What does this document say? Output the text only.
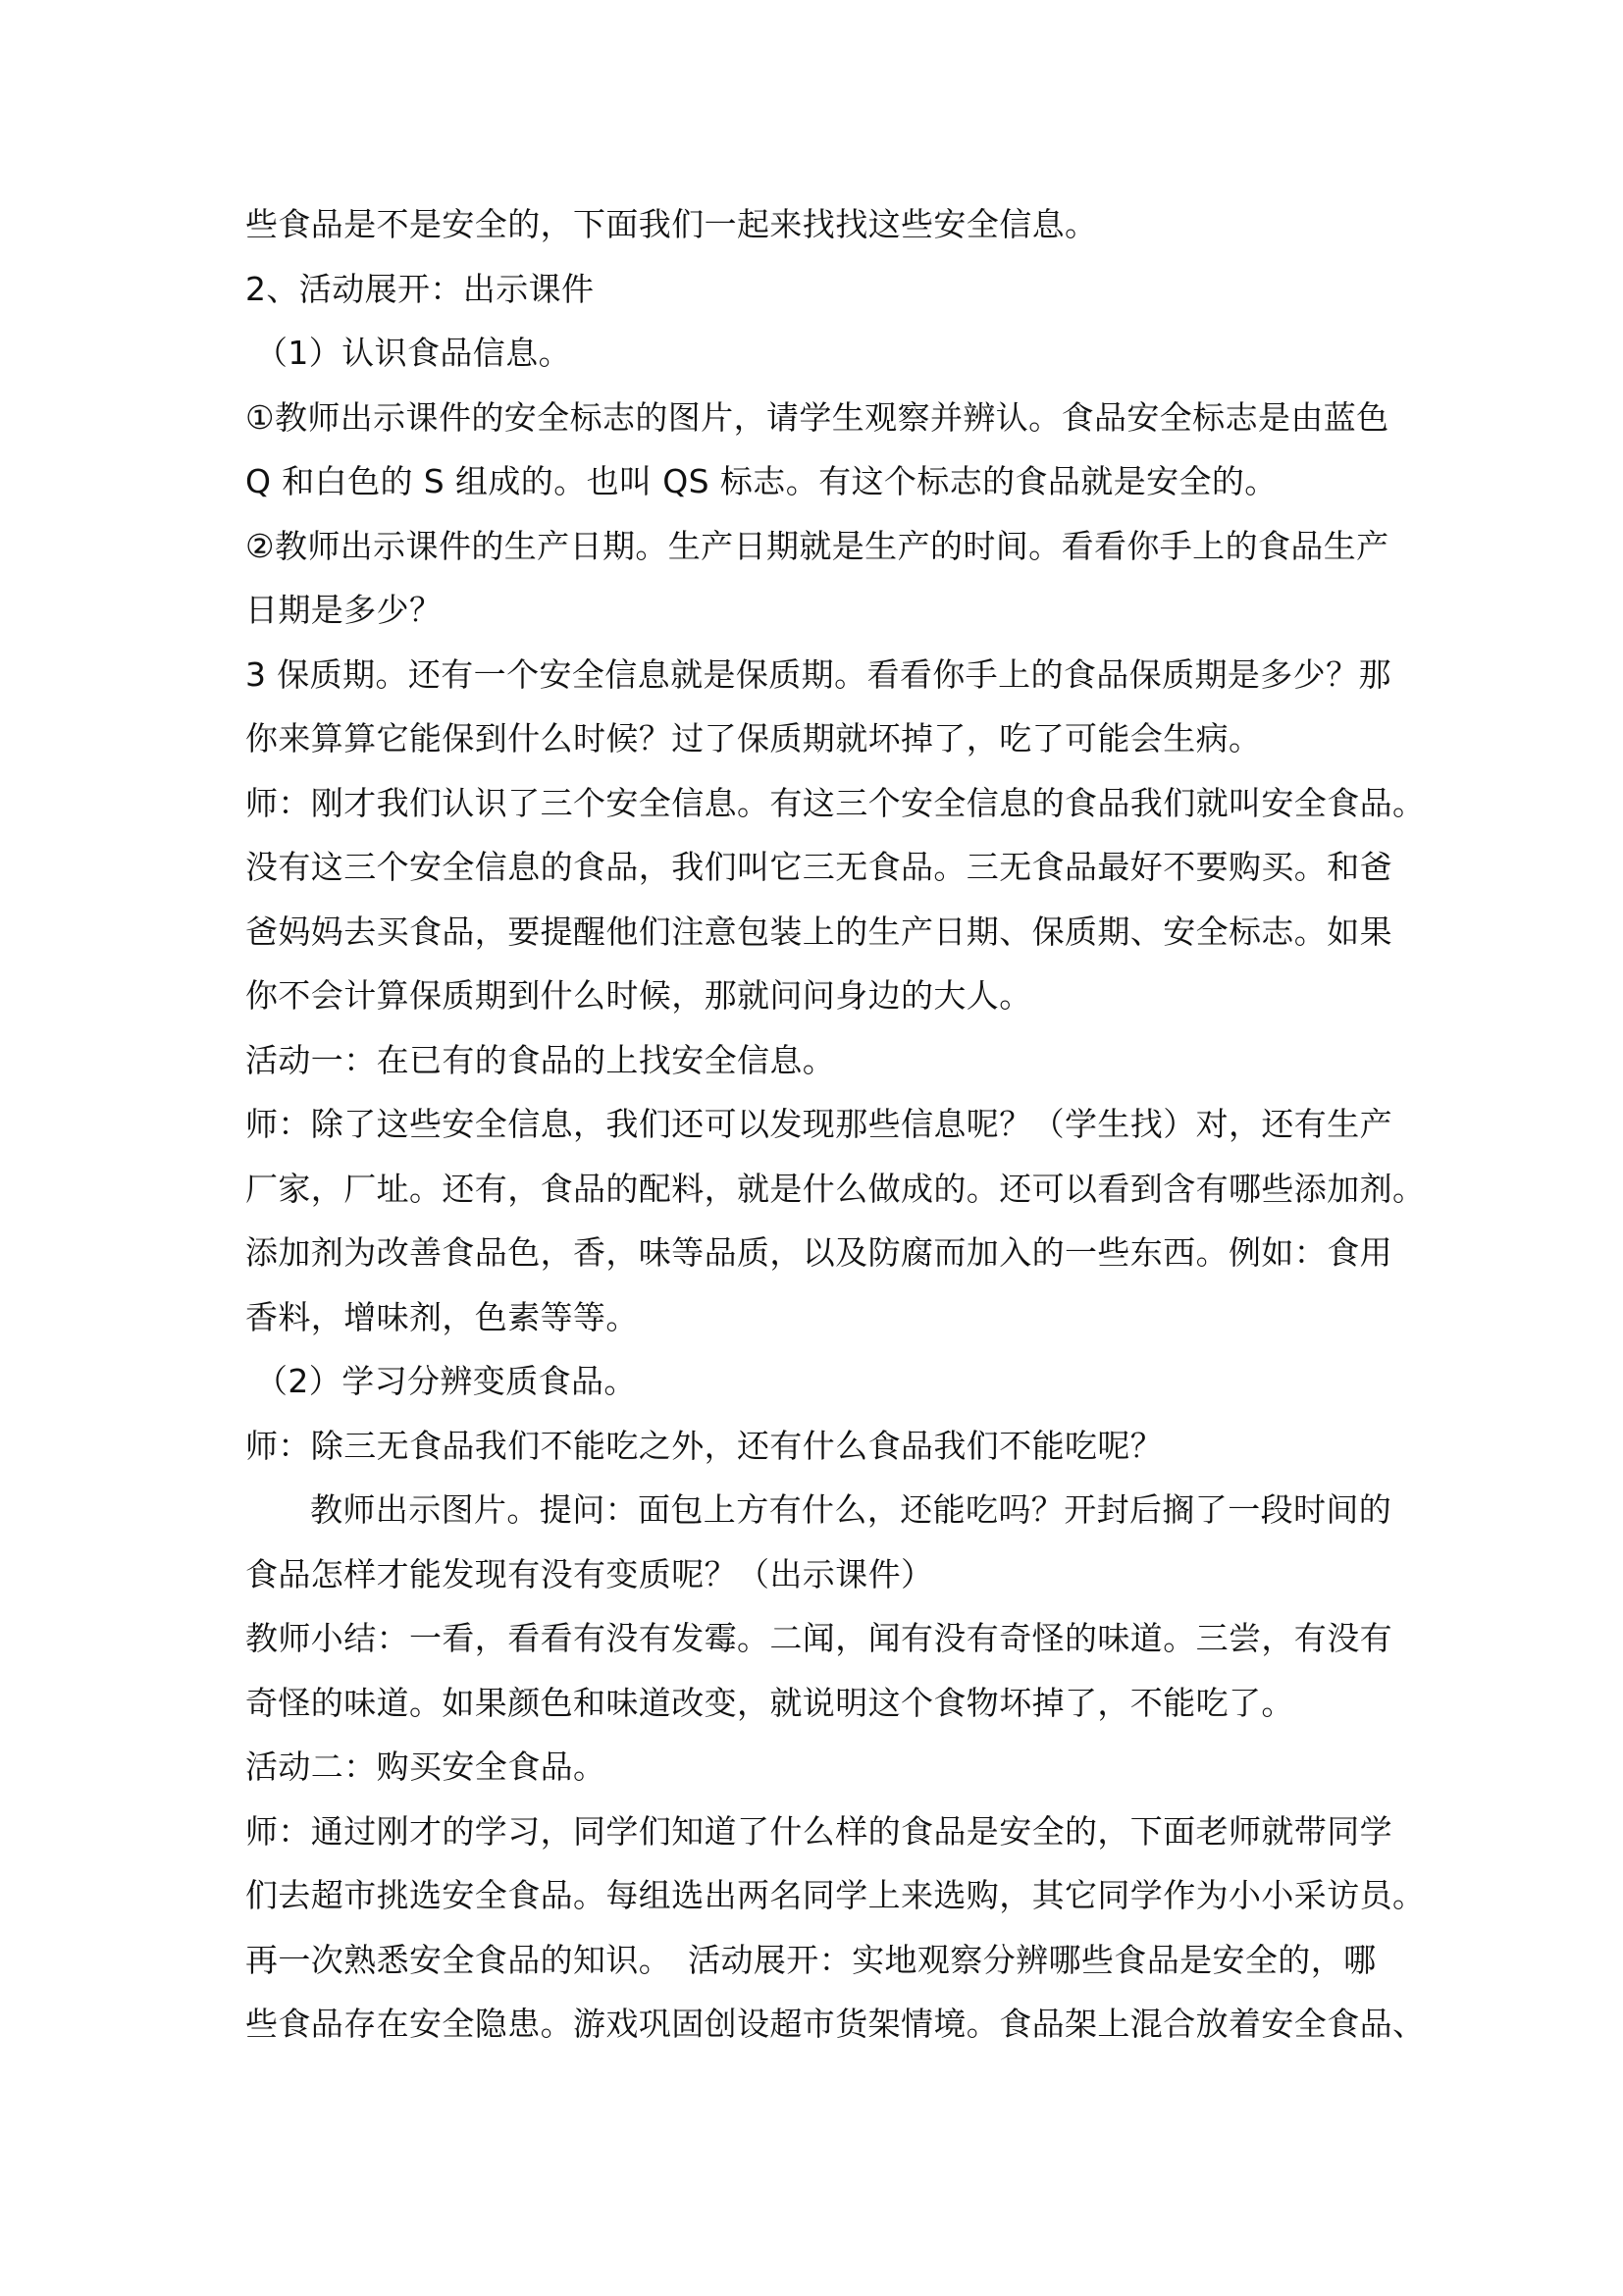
些食品是不是安全的，下面我们一起来找找这些安全信息。
2、活动展开：出示课件
（1）认识食品信息。
①教师出示课件的安全标志的图片，请学生观察并辨认。食品安全标志是由蓝色
Q 和白色的 S 组成的。也叫 QS 标志。有这个标志的食品就是安全的。
②教师出示课件的生产日期。生产日期就是生产的时间。看看你手上的食品生产
日期是多少？
3 保质期。还有一个安全信息就是保质期。看看你手上的食品保质期是多少？那
你来算算它能保到什么时候？过了保质期就坏掉了，吃了可能会生病。
师：刚才我们认识了三个安全信息。有这三个安全信息的食品我们就叫安全食品。
没有这三个安全信息的食品，我们叫它三无食品。三无食品最好不要购买。和爸
爸妈妈去买食品，要提醒他们注意包装上的生产日期、保质期、安全标志。如果
你不会计算保质期到什么时候，那就问问身边的大人。
活动一：在已有的食品的上找安全信息。
师：除了这些安全信息，我们还可以发现那些信息呢？（学生找）对，还有生产
厂家，厂址。还有，食品的配料，就是什么做成的。还可以看到含有哪些添加剂。
添加剂为改善食品色，香，味等品质，以及防腐而加入的一些东西。例如：食用
香料，增味剂，色素等等。
（2）学习分辨变质食品。
师：除三无食品我们不能吃之外，还有什么食品我们不能吃呢？
教师出示图片。提问：面包上方有什么，还能吃吗？开封后搁了一段时间的
食品怎样才能发现有没有变质呢？（出示课件）
教师小结：一看，看看有没有发霉。二闻，闻有没有奇怪的味道。三尝，有没有
奇怪的味道。如果颜色和味道改变，就说明这个食物坏掉了，不能吃了。
活动二：购买安全食品。
师：通过刚才的学习，同学们知道了什么样的食品是安全的，下面老师就带同学
们去超市挑选安全食品。每组选出两名同学上来选购，其它同学作为小小采访员。
再一次熟悉安全食品的知识。　活动展开：实地观察分辨哪些食品是安全的，哪
些食品存在安全隐患。游戏巩固创设超市货架情境。食品架上混合放着安全食品、
